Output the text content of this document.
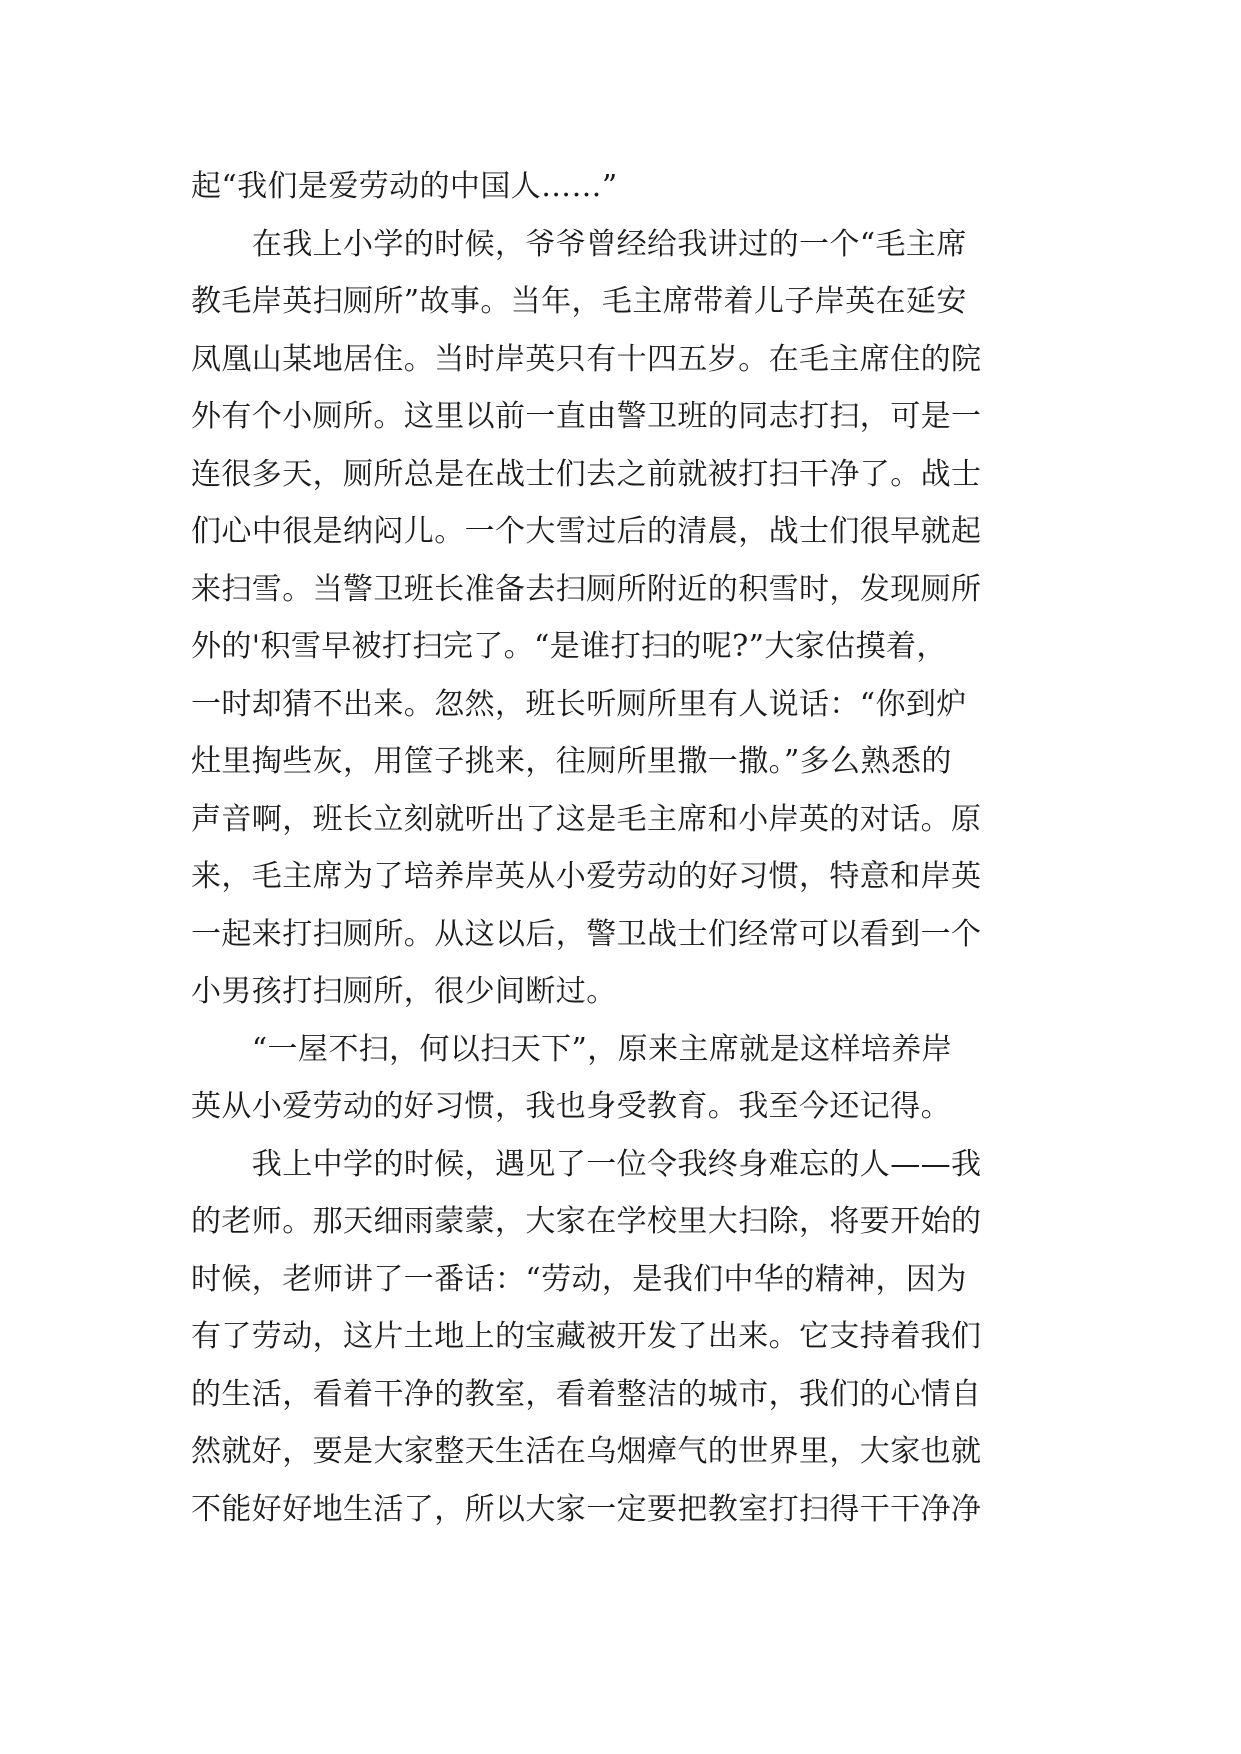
起“我们是爱劳动的中国人……”
　　在我上小学的时候，爷爷曾经给我讲过的一个“毛主席
教毛岸英扫厕所”故事。当年，毛主席带着儿子岸英在延安
凤凰山某地居住。当时岸英只有十四五岁。在毛主席住的院
外有个小厕所。这里以前一直由警卫班的同志打扫，可是一
连很多天，厕所总是在战士们去之前就被打扫干净了。战士
们心中很是纳闷儿。一个大雪过后的清晨，战士们很早就起
来扫雪。当警卫班长准备去扫厕所附近的积雪时，发现厕所
外的'积雪早被打扫完了。“是谁打扫的呢?”大家估摸着，
一时却猜不出来。忽然，班长听厕所里有人说话：“你到炉
灶里掏些灰，用筐子挑来，往厕所里撒一撒。”多么熟悉的
声音啊，班长立刻就听出了这是毛主席和小岸英的对话。原
来，毛主席为了培养岸英从小爱劳动的好习惯，特意和岸英
一起来打扫厕所。从这以后，警卫战士们经常可以看到一个
小男孩打扫厕所，很少间断过。
　　“一屋不扫，何以扫天下”，原来主席就是这样培养岸
英从小爱劳动的好习惯，我也身受教育。我至今还记得。
　　我上中学的时候，遇见了一位令我终身难忘的人——我
的老师。那天细雨蒙蒙，大家在学校里大扫除，将要开始的
时候，老师讲了一番话：“劳动，是我们中华的精神，因为
有了劳动，这片土地上的宝藏被开发了出来。它支持着我们
的生活，看着干净的教室，看着整洁的城市，我们的心情自
然就好，要是大家整天生活在乌烟瘴气的世界里，大家也就
不能好好地生活了，所以大家一定要把教室打扫得干干净净
